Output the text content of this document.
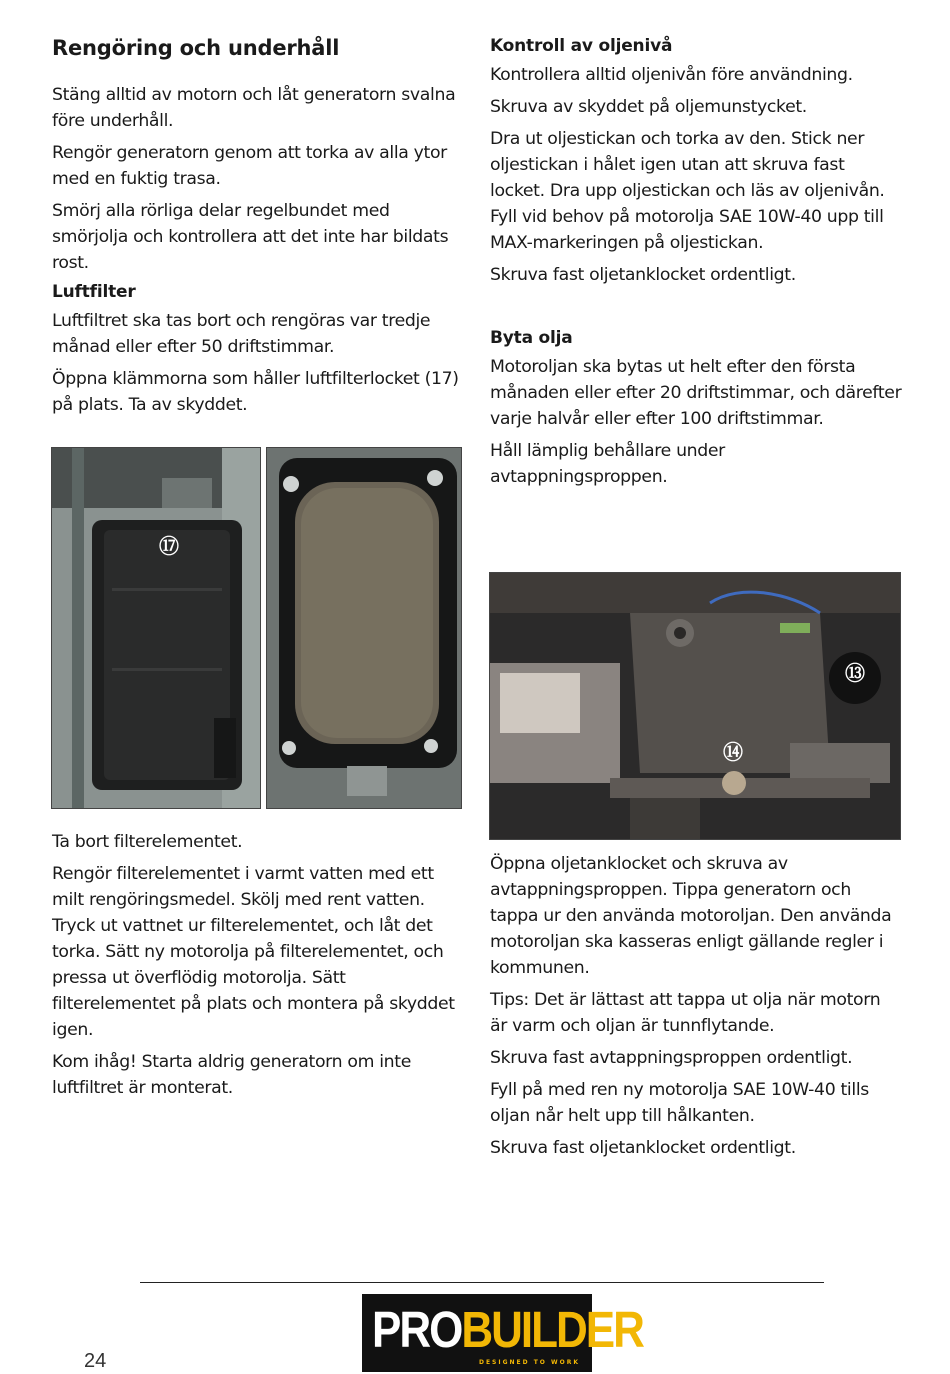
Rengöring och underhåll

Stäng alltid av motorn och låt generatorn svalna före underhåll.

Rengör generatorn genom att torka av alla ytor med en fuktig trasa.

Smörj alla rörliga delar regelbundet med smörjolja och kontrollera att det inte har bildats rost.

Luftfilter

Luftfiltret ska tas bort och rengöras var tredje månad eller efter 50 driftstimmar.

Öppna klämmorna som håller luftfilterlocket (17) på plats. Ta av skyddet.

⑰

Ta bort filterelementet.

Rengör filterelementet i varmt vatten med ett milt rengöringsmedel. Skölj med rent vatten. Tryck ut vattnet ur filterelementet, och låt det torka. Sätt ny motorolja på filterelementet, och pressa ut överflödig motorolja. Sätt filterelementet på plats och montera på skyddet igen.

Kom ihåg! Starta aldrig generatorn om inte luftfiltret är monterat.

Kontroll av oljenivå

Kontrollera alltid oljenivån före användning.

Skruva av skyddet på oljemunstycket.

Dra ut oljestickan och torka av den. Stick ner oljestickan i hålet igen utan att skruva fast locket. Dra upp oljestickan och läs av oljenivån. Fyll vid behov på motorolja SAE 10W-40 upp till MAX-markeringen på oljestickan.

Skruva fast oljetanklocket ordentligt.

Byta olja

Motoroljan ska bytas ut helt efter den första månaden eller efter 20 driftstimmar, och därefter varje halvår eller efter 100 driftstimmar.

Håll lämplig behållare under avtappningsproppen.

⑬
⑭

Öppna oljetanklocket och skruva av avtappningsproppen. Tippa generatorn och tappa ur den använda motoroljan. Den använda motoroljan ska kasseras enligt gällande regler i kommunen.

Tips: Det är lättast att tappa ut olja när motorn är varm och oljan är tunnflytande.

Skruva fast avtappningsproppen ordentligt.

Fyll på med ren ny motorolja SAE 10W-40 tills oljan når helt upp till hålkanten.

Skruva fast oljetanklocket ordentligt.

PROBUILDER
DESIGNED TO WORK
24
